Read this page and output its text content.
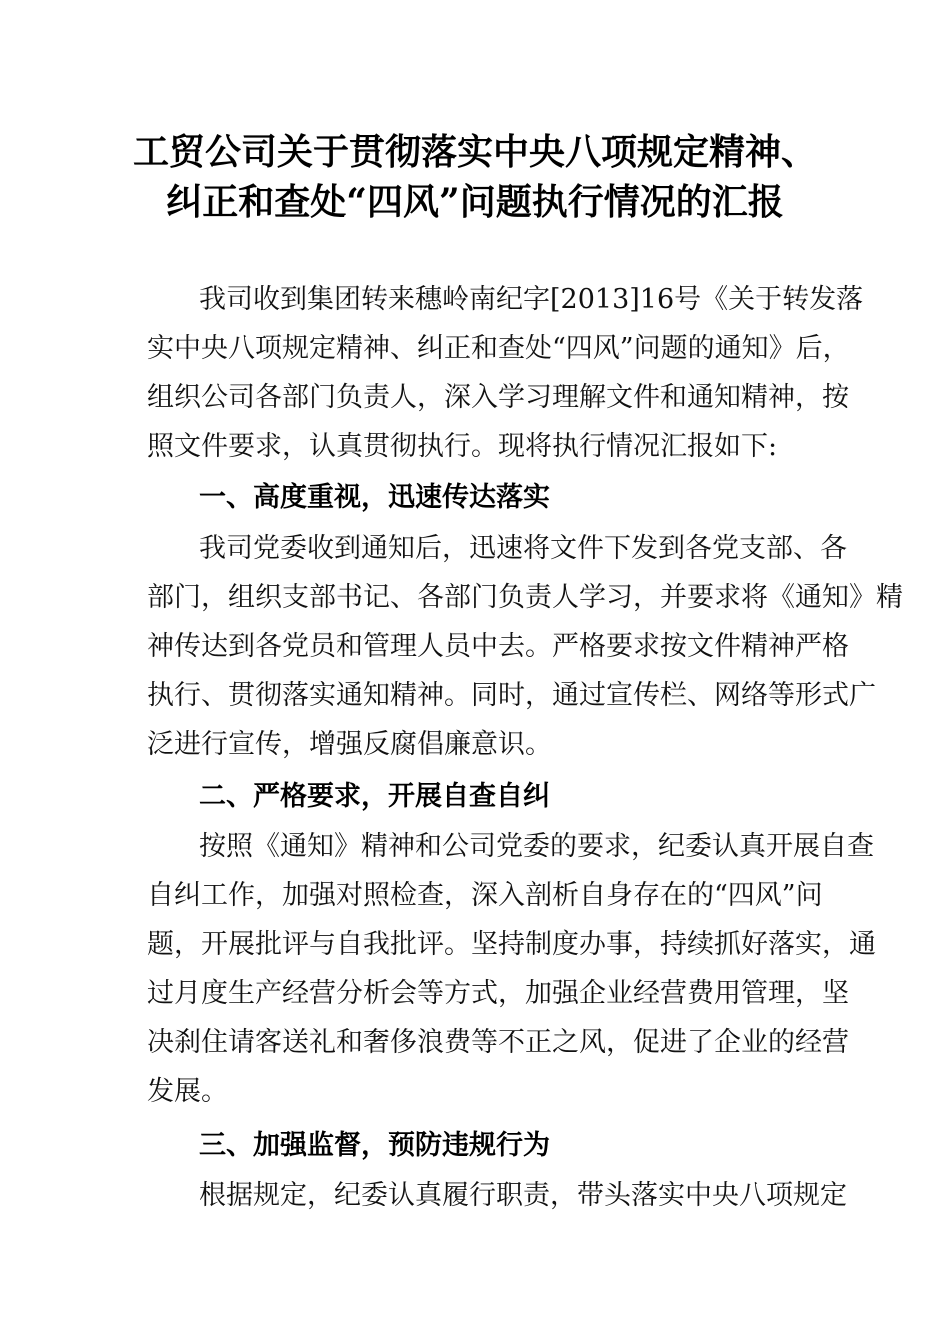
工贸公司关于贯彻落实中央八项规定精神、
纠正和查处“四风”问题执行情况的汇报
我司收到集团转来穗岭南纪字[2013]16号《关于转发落
实中央八项规定精神、纠正和查处“四风”问题的通知》后，
组织公司各部门负责人，深入学习理解文件和通知精神，按
照文件要求，认真贯彻执行。现将执行情况汇报如下:
一、高度重视，迅速传达落实
我司党委收到通知后，迅速将文件下发到各党支部、各
部门，组织支部书记、各部门负责人学习，并要求将《通知》精
神传达到各党员和管理人员中去。严格要求按文件精神严格
执行、贯彻落实通知精神。同时，通过宣传栏、网络等形式广
泛进行宣传，增强反腐倡廉意识。
二、严格要求，开展自查自纠
按照《通知》精神和公司党委的要求，纪委认真开展自查
自纠工作，加强对照检查，深入剖析自身存在的“四风”问
题，开展批评与自我批评。坚持制度办事，持续抓好落实，通
过月度生产经营分析会等方式，加强企业经营费用管理，坚
决刹住请客送礼和奢侈浪费等不正之风，促进了企业的经营
发展。
三、加强监督，预防违规行为
根据规定，纪委认真履行职责，带头落实中央八项规定
